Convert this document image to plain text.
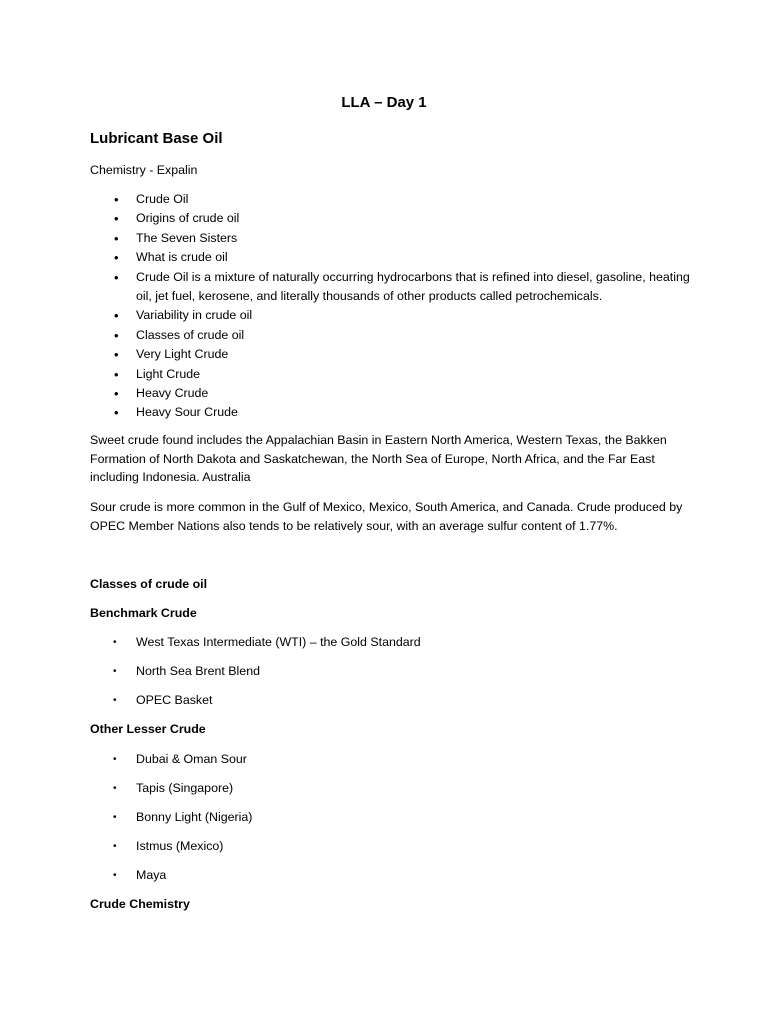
LLA – Day 1
Lubricant Base Oil
Chemistry - Expalin
• Crude Oil
• Origins of crude oil
• The Seven Sisters
• What is crude oil
• Crude Oil is a mixture of naturally occurring hydrocarbons that is refined into diesel, gasoline, heating oil, jet fuel, kerosene, and literally thousands of other products called petrochemicals.
• Variability in crude oil
• Classes of crude oil
• Very Light Crude
• Light Crude
• Heavy Crude
• Heavy Sour Crude
Sweet crude found includes the Appalachian Basin in Eastern North America, Western Texas, the Bakken Formation of North Dakota and Saskatchewan, the North Sea of Europe, North Africa, and the Far East including Indonesia. Australia
Sour crude is more common in the Gulf of Mexico, Mexico, South America, and Canada. Crude produced by OPEC Member Nations also tends to be relatively sour, with an average sulfur content of 1.77%.
Classes of crude oil
Benchmark Crude
• West Texas Intermediate (WTI) – the Gold Standard
• North Sea Brent Blend
• OPEC Basket
Other Lesser Crude
• Dubai & Oman Sour
• Tapis (Singapore)
• Bonny Light (Nigeria)
• Istmus (Mexico)
• Maya
Crude Chemistry
